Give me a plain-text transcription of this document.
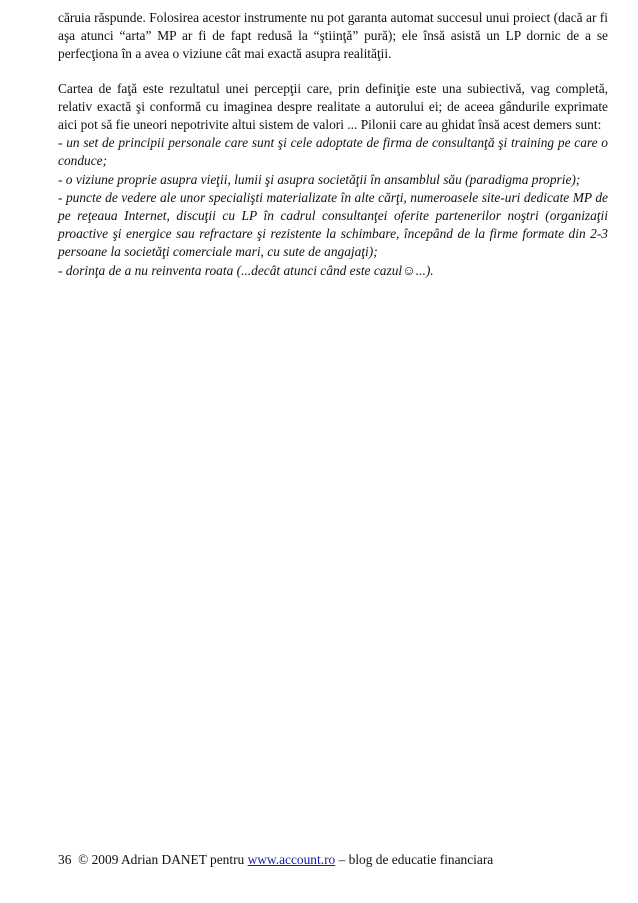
căruia răspunde. Folosirea acestor instrumente nu pot garanta automat succesul unui proiect (dacă ar fi aşa atunci “arta” MP ar fi de fapt redusă la “ştiinţă” pură); ele însă asistă un LP dornic de a se perfecţiona în a avea o viziune cât mai exactă asupra realităţii.

Cartea de faţă este rezultatul unei percepţii care, prin definiţie este una subiectivă, vag completă, relativ exactă şi conformă cu imaginea despre realitate a autorului ei; de aceea gândurile exprimate aici pot să fie uneori nepotrivite altui sistem de valori ... Pilonii care au ghidat însă acest demers sunt:

- un set de principii personale care sunt şi cele adoptate de firma de consultanţă şi training pe care o conduce;
- o viziune proprie asupra vieţii, lumii şi asupra societăţii în ansamblul său (paradigma proprie);
- puncte de vedere ale unor specialişti materializate în alte cărţi, numeroasele site-uri dedicate MP de pe reţeaua Internet, discuţii cu LP în cadrul consultanţei oferite partenerilor noştri (organizaţii proactive şi energice sau refractare şi rezistente la schimbare, începând de la firme formate din 2-3 persoane la societăţi comerciale mari, cu sute de angajaţi);
- dorinţa de a nu reinventa roata (...decât atunci când este cazul☺...).
36 © 2009 Adrian DANET pentru www.account.ro – blog de educatie financiara
